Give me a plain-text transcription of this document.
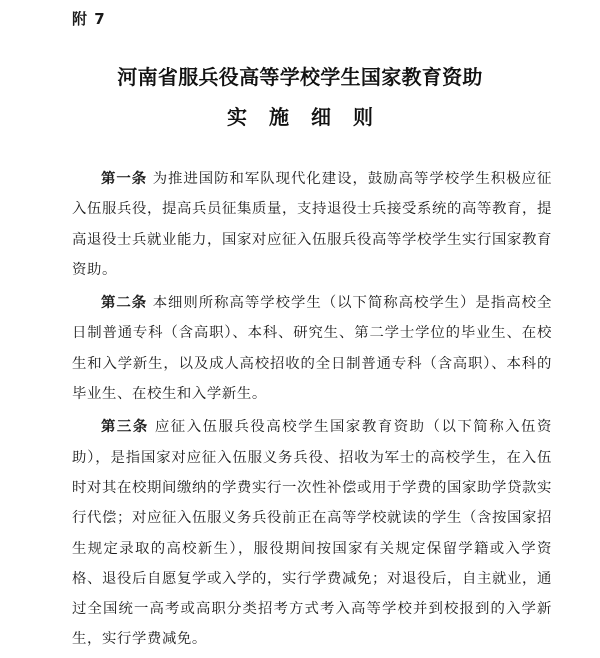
附 7
河南省服兵役高等学校学生国家教育资助
实施细则

第一条 为推进国防和军队现代化建设，鼓励高等学校学生积极应征入伍服兵役，提高兵员征集质量，支持退役士兵接受系统的高等教育，提高退役士兵就业能力，国家对应征入伍服兵役高等学校学生实行国家教育资助。

第二条 本细则所称高等学校学生（以下简称高校学生）是指高校全日制普通专科（含高职）、本科、研究生、第二学士学位的毕业生、在校生和入学新生，以及成人高校招收的全日制普通专科（含高职）、本科的毕业生、在校生和入学新生。

第三条 应征入伍服兵役高校学生国家教育资助（以下简称入伍资助），是指国家对应征入伍服义务兵役、招收为军士的高校学生，在入伍时对其在校期间缴纳的学费实行一次性补偿或用于学费的国家助学贷款实行代偿；对应征入伍服义务兵役前正在高等学校就读的学生（含按国家招生规定录取的高校新生），服役期间按国家有关规定保留学籍或入学资格、退役后自愿复学或入学的，实行学费减免；对退役后，自主就业，通过全国统一高考或高职分类招考方式考入高等学校并到校报到的入学新生，实行学费减免。
